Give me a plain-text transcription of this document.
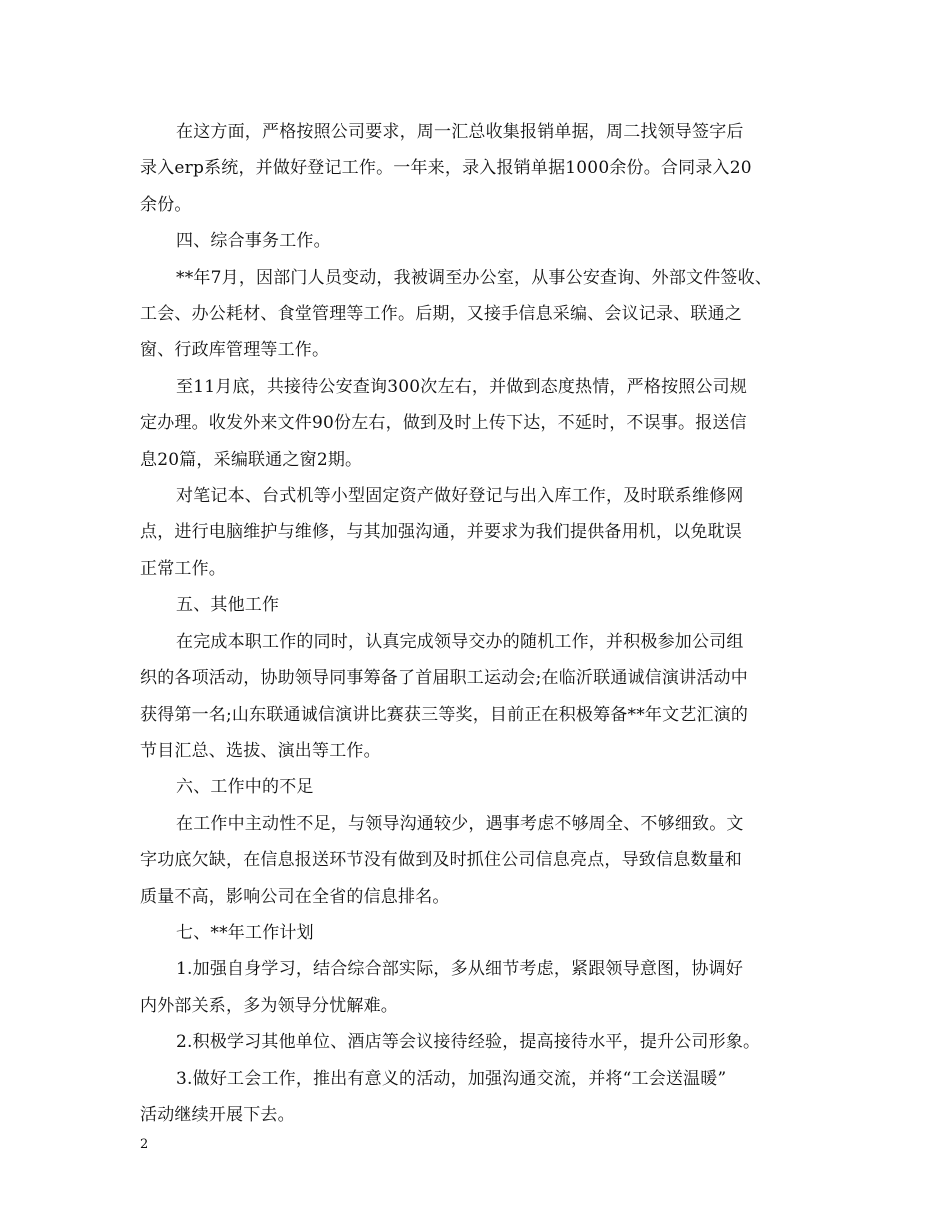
在这方面，严格按照公司要求，周一汇总收集报销单据，周二找领导签字后
录入erp系统，并做好登记工作。一年来，录入报销单据1000余份。合同录入20
余份。

四、综合事务工作。

**年7月，因部门人员变动，我被调至办公室，从事公安查询、外部文件签收、
工会、办公耗材、食堂管理等工作。后期，又接手信息采编、会议记录、联通之
窗、行政库管理等工作。

至11月底，共接待公安查询300次左右，并做到态度热情，严格按照公司规
定办理。收发外来文件90份左右，做到及时上传下达，不延时，不误事。报送信
息20篇，采编联通之窗2期。

对笔记本、台式机等小型固定资产做好登记与出入库工作，及时联系维修网
点，进行电脑维护与维修，与其加强沟通，并要求为我们提供备用机，以免耽误
正常工作。

五、其他工作

在完成本职工作的同时，认真完成领导交办的随机工作，并积极参加公司组
织的各项活动，协助领导同事筹备了首届职工运动会;在临沂联通诚信演讲活动中
获得第一名;山东联通诚信演讲比赛获三等奖，目前正在积极筹备**年文艺汇演的
节目汇总、选拔、演出等工作。

六、工作中的不足

在工作中主动性不足，与领导沟通较少，遇事考虑不够周全、不够细致。文
字功底欠缺，在信息报送环节没有做到及时抓住公司信息亮点，导致信息数量和
质量不高，影响公司在全省的信息排名。

七、**年工作计划

1.加强自身学习，结合综合部实际，多从细节考虑，紧跟领导意图，协调好
内外部关系，多为领导分忧解难。

2.积极学习其他单位、酒店等会议接待经验，提高接待水平，提升公司形象。

3.做好工会工作，推出有意义的活动，加强沟通交流，并将“工会送温暖”
活动继续开展下去。

2
